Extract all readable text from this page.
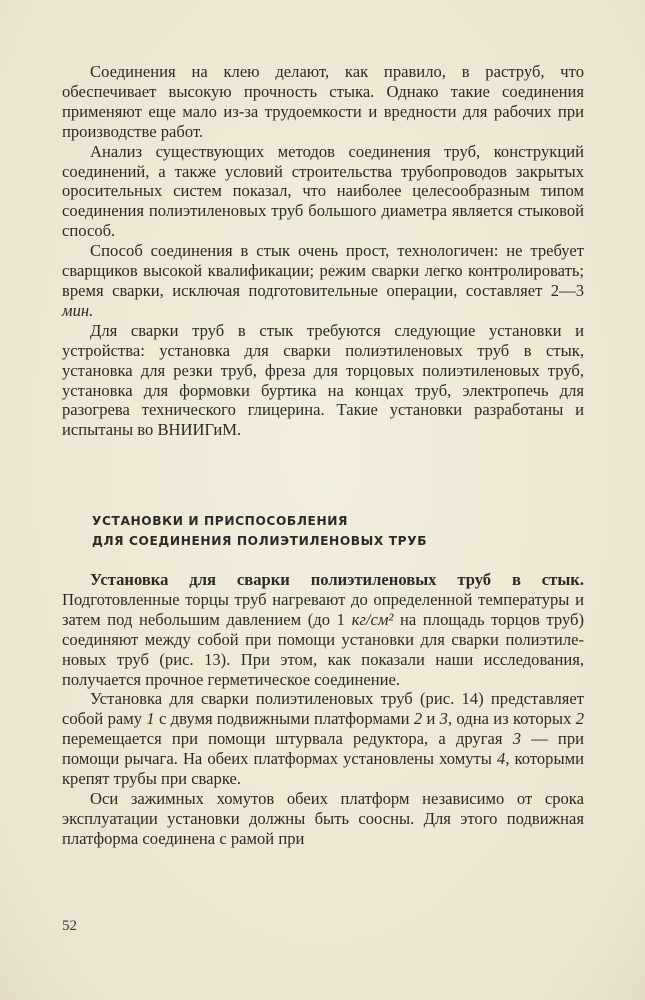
Соединения на клею делают, как правило, в раструб, что обеспечивает высокую прочность стыка. Однако такие соединения применяют еще мало из-за трудоемкости и вредности для рабочих при производстве работ.

Анализ существующих методов соединения труб, конструкций соединений, а также условий строительства трубопроводов закрытых оросительных систем показал, что наиболее целесообразным типом соединения полиэтиленовых труб большого диаметра является стыковой способ.

Способ соединения в стык очень прост, технологичен: не требует сварщиков высокой квалификации; режим сварки легко контролировать; время сварки, исключая подготовительные операции, составляет 2—3 мин.

Для сварки труб в стык требуются следующие установки и устройства: установка для сварки полиэтиленовых труб в стык, установка для резки труб, фреза для торцовых полиэтиленовых труб, установка для формовки буртика на концах труб, электропечь для разогрева технического глицерина. Такие установки разработаны и испытаны во ВНИИГиМ.

УСТАНОВКИ И ПРИСПОСОБЛЕНИЯ
ДЛЯ СОЕДИНЕНИЯ ПОЛИЭТИЛЕНОВЫХ ТРУБ

Установка для сварки полиэтиленовых труб в стык. Подготовленные торцы труб нагревают до определенной температуры и затем под небольшим давлением (до 1 кг/см² на площадь торцов труб) соединяют между собой при помощи установки для сварки полиэтиленовых труб (рис. 13). При этом, как показали наши исследования, получается прочное герметическое соединение.

Установка для сварки полиэтиленовых труб (рис. 14) представляет собой раму 1 с двумя подвижными платформами 2 и 3, одна из которых 2 перемещается при помощи штурвала редуктора, а другая 3 — при помощи рычага. На обеих платформах установлены хомуты 4, которыми крепят трубы при сварке.

Оси зажимных хомутов обеих платформ независимо от срока эксплуатации установки должны быть соосны. Для этого подвижная платформа соединена с рамой при

52
